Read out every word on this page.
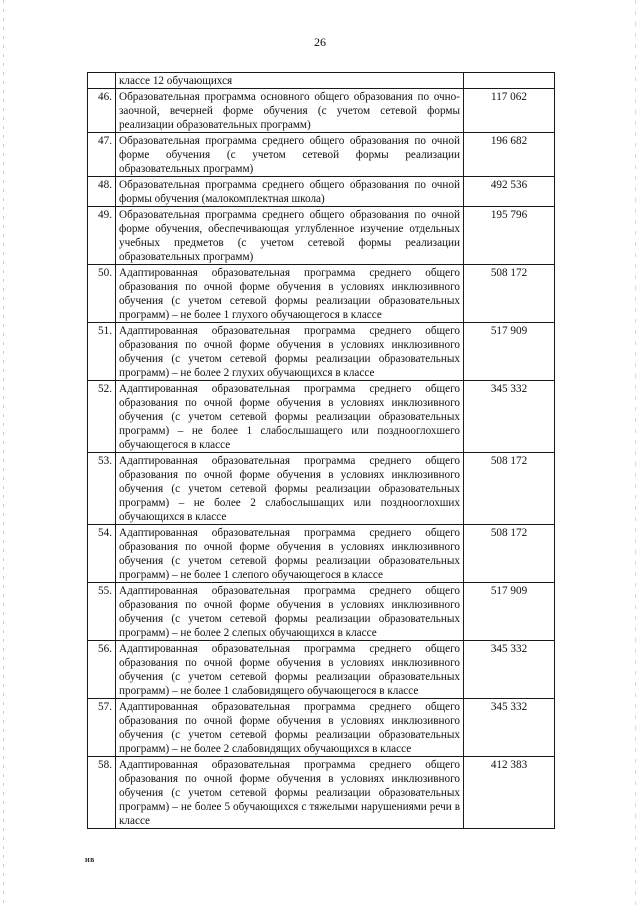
26
	классе 12 обучающихся	
46.	Образовательная программа основного общего образования по очно-заочной, вечерней форме обучения (с учетом сетевой формы реализации образовательных программ)	117 062
47.	Образовательная программа среднего общего образования по очной форме обучения (с учетом сетевой формы реализации образовательных программ)	196 682
48.	Образовательная программа среднего общего образования по очной формы обучения (малокомплектная школа)	492 536
49.	Образовательная программа среднего общего образования по очной форме обучения, обеспечивающая углубленное изучение отдельных учебных предметов (с учетом сетевой формы реализации образовательных программ)	195 796
50.	Адаптированная образовательная программа среднего общего образования по очной форме обучения в условиях инклюзивного обучения (с учетом сетевой формы реализации образовательных программ) – не более 1 глухого обучающегося в классе	508 172
51.	Адаптированная образовательная программа среднего общего образования по очной форме обучения в условиях инклюзивного обучения (с учетом сетевой формы реализации образовательных программ) – не более 2 глухих обучающихся в классе	517 909
52.	Адаптированная образовательная программа среднего общего образования по очной форме обучения в условиях инклюзивного обучения (с учетом сетевой формы реализации образовательных программ) – не более 1 слабослышащего или позднооглохшего обучающегося в классе	345 332
53.	Адаптированная образовательная программа среднего общего образования по очной форме обучения в условиях инклюзивного обучения (с учетом сетевой формы реализации образовательных программ) – не более 2 слабослышащих или позднооглохших обучающихся в классе	508 172
54.	Адаптированная образовательная программа среднего общего образования по очной форме обучения в условиях инклюзивного обучения (с учетом сетевой формы реализации образовательных программ) – не более 1 слепого обучающегося в классе	508 172
55.	Адаптированная образовательная программа среднего общего образования по очной форме обучения в условиях инклюзивного обучения (с учетом сетевой формы реализации образовательных программ) – не более 2 слепых обучающихся в классе	517 909
56.	Адаптированная образовательная программа среднего общего образования по очной форме обучения в условиях инклюзивного обучения (с учетом сетевой формы реализации образовательных программ) – не более 1 слабовидящего обучающегося в классе	345 332
57.	Адаптированная образовательная программа среднего общего образования по очной форме обучения в условиях инклюзивного обучения (с учетом сетевой формы реализации образовательных программ) – не более 2 слабовидящих обучающихся в классе	345 332
58.	Адаптированная образовательная программа среднего общего образования по очной форме обучения в условиях инклюзивного обучения (с учетом сетевой формы реализации образовательных программ) – не более 5 обучающихся с тяжелыми нарушениями речи в классе	412 383
ИВ
